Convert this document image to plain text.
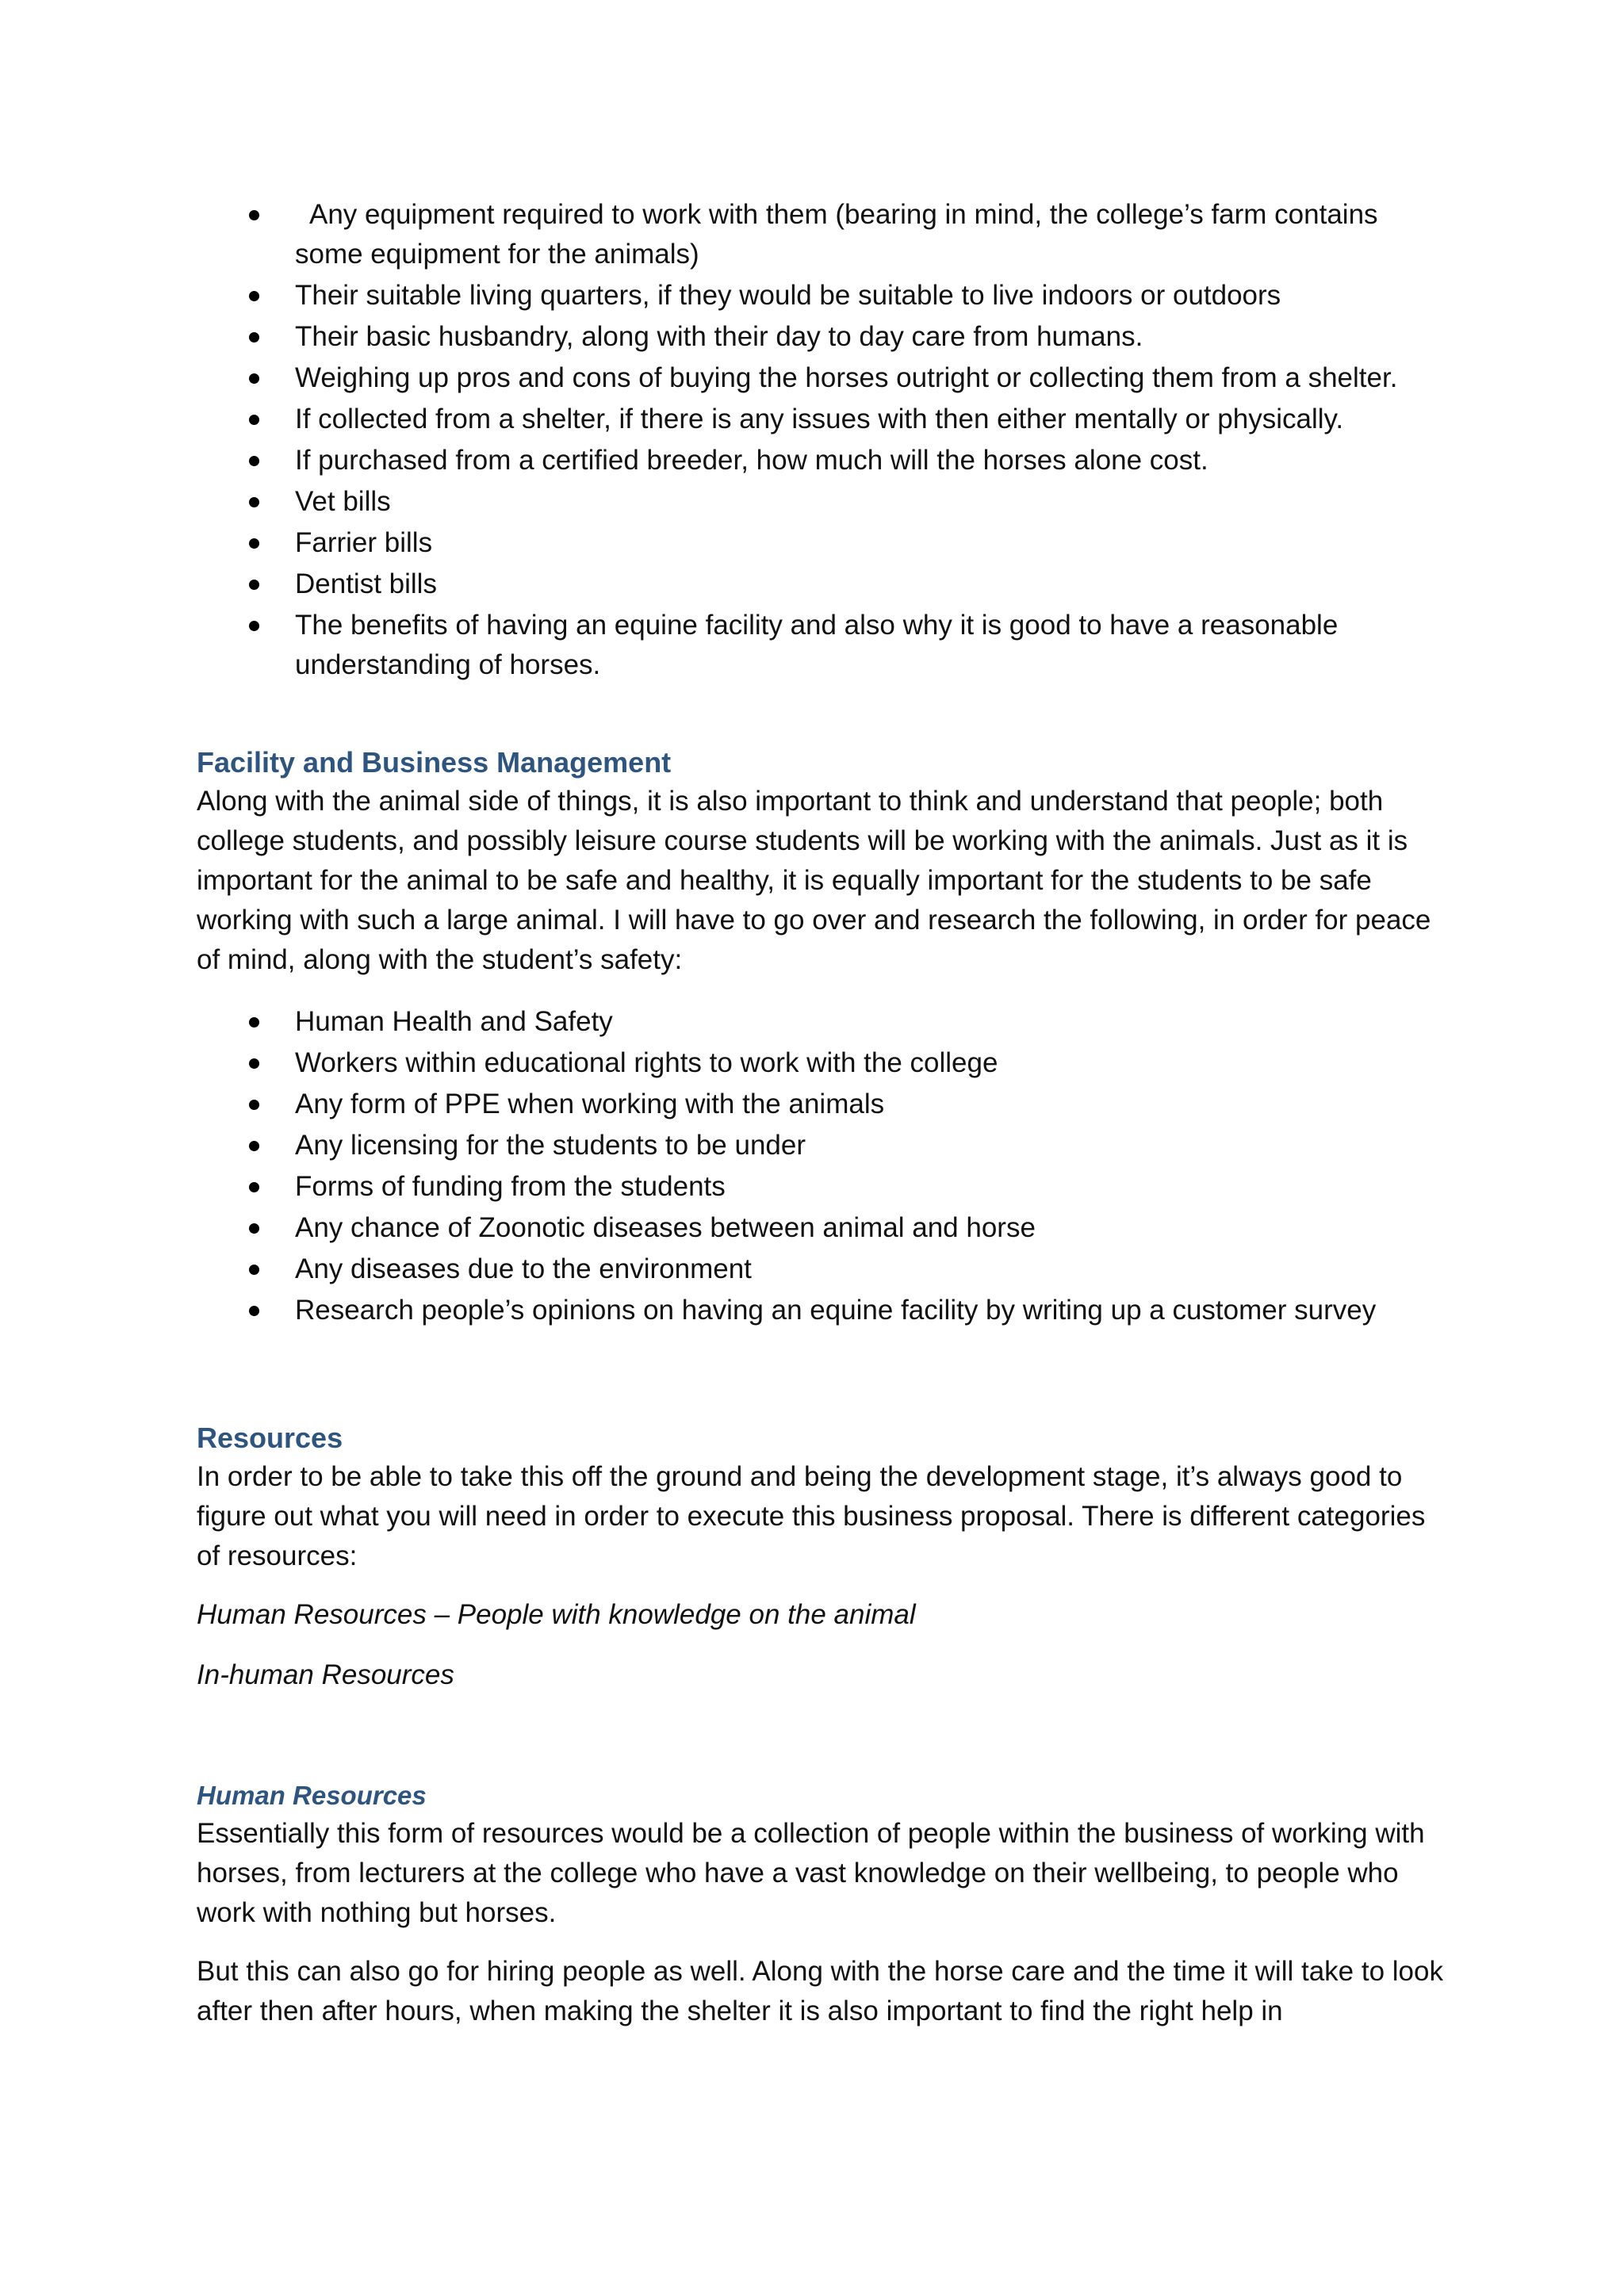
Any equipment required to work with them (bearing in mind, the college’s farm contains some equipment for the animals)
Their suitable living quarters, if they would be suitable to live indoors or outdoors
Their basic husbandry, along with their day to day care from humans.
Weighing up pros and cons of buying the horses outright or collecting them from a shelter.
If collected from a shelter, if there is any issues with then either mentally or physically.
If purchased from a certified breeder, how much will the horses alone cost.
Vet bills
Farrier bills
Dentist bills
The benefits of having an equine facility and also why it is good to have a reasonable understanding of horses.
Facility and Business Management

Along with the animal side of things, it is also important to think and understand that people; both college students, and possibly leisure course students will be working with the animals. Just as it is important for the animal to be safe and healthy, it is equally important for the students to be safe working with such a large animal. I will have to go over and research the following, in order for peace of mind, along with the student’s safety:

Human Health and Safety
Workers within educational rights to work with the college
Any form of PPE when working with the animals
Any licensing for the students to be under
Forms of funding from the students
Any chance of Zoonotic diseases between animal and horse
Any diseases due to the environment
Research people’s opinions on having an equine facility by writing up a customer survey
Resources

In order to be able to take this off the ground and being the development stage, it’s always good to figure out what you will need in order to execute this business proposal. There is different categories of resources:

Human Resources – People with knowledge on the animal

In-human Resources

Human Resources

Essentially this form of resources would be a collection of people within the business of working with horses, from lecturers at the college who have a vast knowledge on their wellbeing, to people who work with nothing but horses.

But this can also go for hiring people as well. Along with the horse care and the time it will take to look after then after hours, when making the shelter it is also important to find the right help in
